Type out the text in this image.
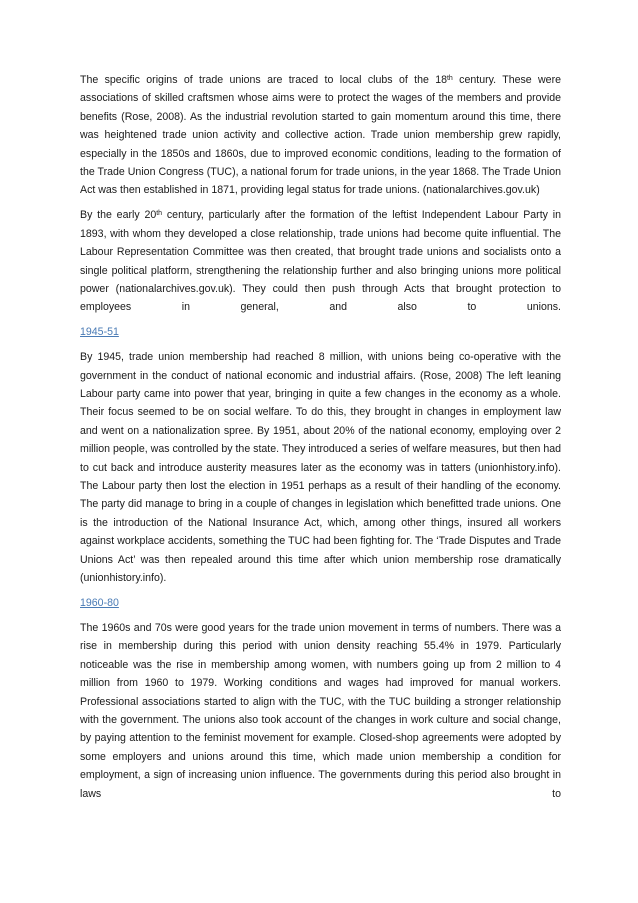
The specific origins of trade unions are traced to local clubs of the 18th century. These were associations of skilled craftsmen whose aims were to protect the wages of the members and provide benefits (Rose, 2008). As the industrial revolution started to gain momentum around this time, there was heightened trade union activity and collective action. Trade union membership grew rapidly, especially in the 1850s and 1860s, due to improved economic conditions, leading to the formation of the Trade Union Congress (TUC), a national forum for trade unions, in the year 1868. The Trade Union Act was then established in 1871, providing legal status for trade unions. (nationalarchives.gov.uk)

By the early 20th century, particularly after the formation of the leftist Independent Labour Party in 1893, with whom they developed a close relationship, trade unions had become quite influential. The Labour Representation Committee was then created, that brought trade unions and socialists onto a single political platform, strengthening the relationship further and also bringing unions more political power (nationalarchives.gov.uk). They could then push through Acts that brought protection to employees in general, and also to unions.

1945-51

By 1945, trade union membership had reached 8 million, with unions being co-operative with the government in the conduct of national economic and industrial affairs. (Rose, 2008) The left leaning Labour party came into power that year, bringing in quite a few changes in the economy as a whole. Their focus seemed to be on social welfare. To do this, they brought in changes in employment law and went on a nationalization spree. By 1951, about 20% of the national economy, employing over 2 million people, was controlled by the state. They introduced a series of welfare measures, but then had to cut back and introduce austerity measures later as the economy was in tatters (unionhistory.info). The Labour party then lost the election in 1951 perhaps as a result of their handling of the economy. The party did manage to bring in a couple of changes in legislation which benefitted trade unions. One is the introduction of the National Insurance Act, which, among other things, insured all workers against workplace accidents, something the TUC had been fighting for. The ‘Trade Disputes and Trade Unions Act’ was then repealed around this time after which union membership rose dramatically (unionhistory.info).

1960-80

The 1960s and 70s were good years for the trade union movement in terms of numbers. There was a rise in membership during this period with union density reaching 55.4% in 1979. Particularly noticeable was the rise in membership among women, with numbers going up from 2 million to 4 million from 1960 to 1979. Working conditions and wages had improved for manual workers. Professional associations started to align with the TUC, with the TUC building a stronger relationship with the government. The unions also took account of the changes in work culture and social change, by paying attention to the feminist movement for example. Closed-shop agreements were adopted by some employers and unions around this time, which made union membership a condition for employment, a sign of increasing union influence. The governments during this period also brought in laws to
